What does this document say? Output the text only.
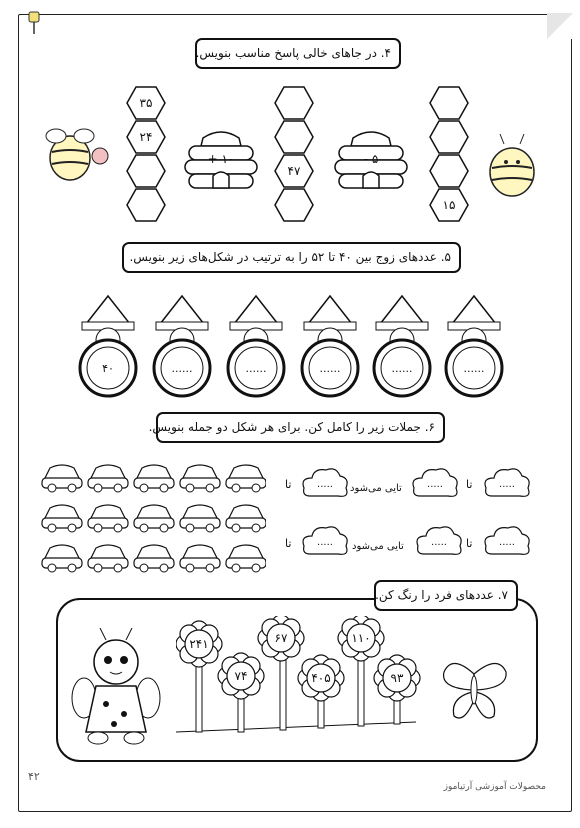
۴. در جاهای خالی پاسخ مناسب بنویس.
۳۵
۲۴
+ ۱۰
۴۷
- ۵
۱۵
۵. عددهای زوج بین ۴۰ تا ۵۲ را به ترتیب در شکل‌های زیر بنویس.
۴۰	......	......	......	......	......
۶. جملات زیر را کامل کن. برای هر شکل دو جمله بنویس.
.....
تا
.....
تایی می‌شود
.....
تا
.....
تا
.....
تایی می‌شود
.....
تا
۷. عددهای فرد را رنگ کن.
۲۴۱	۶۷	۱۱۰
۷۴	۴۰۵	۹۳
۴۲
محصولات آموزشی آرتیاموز
